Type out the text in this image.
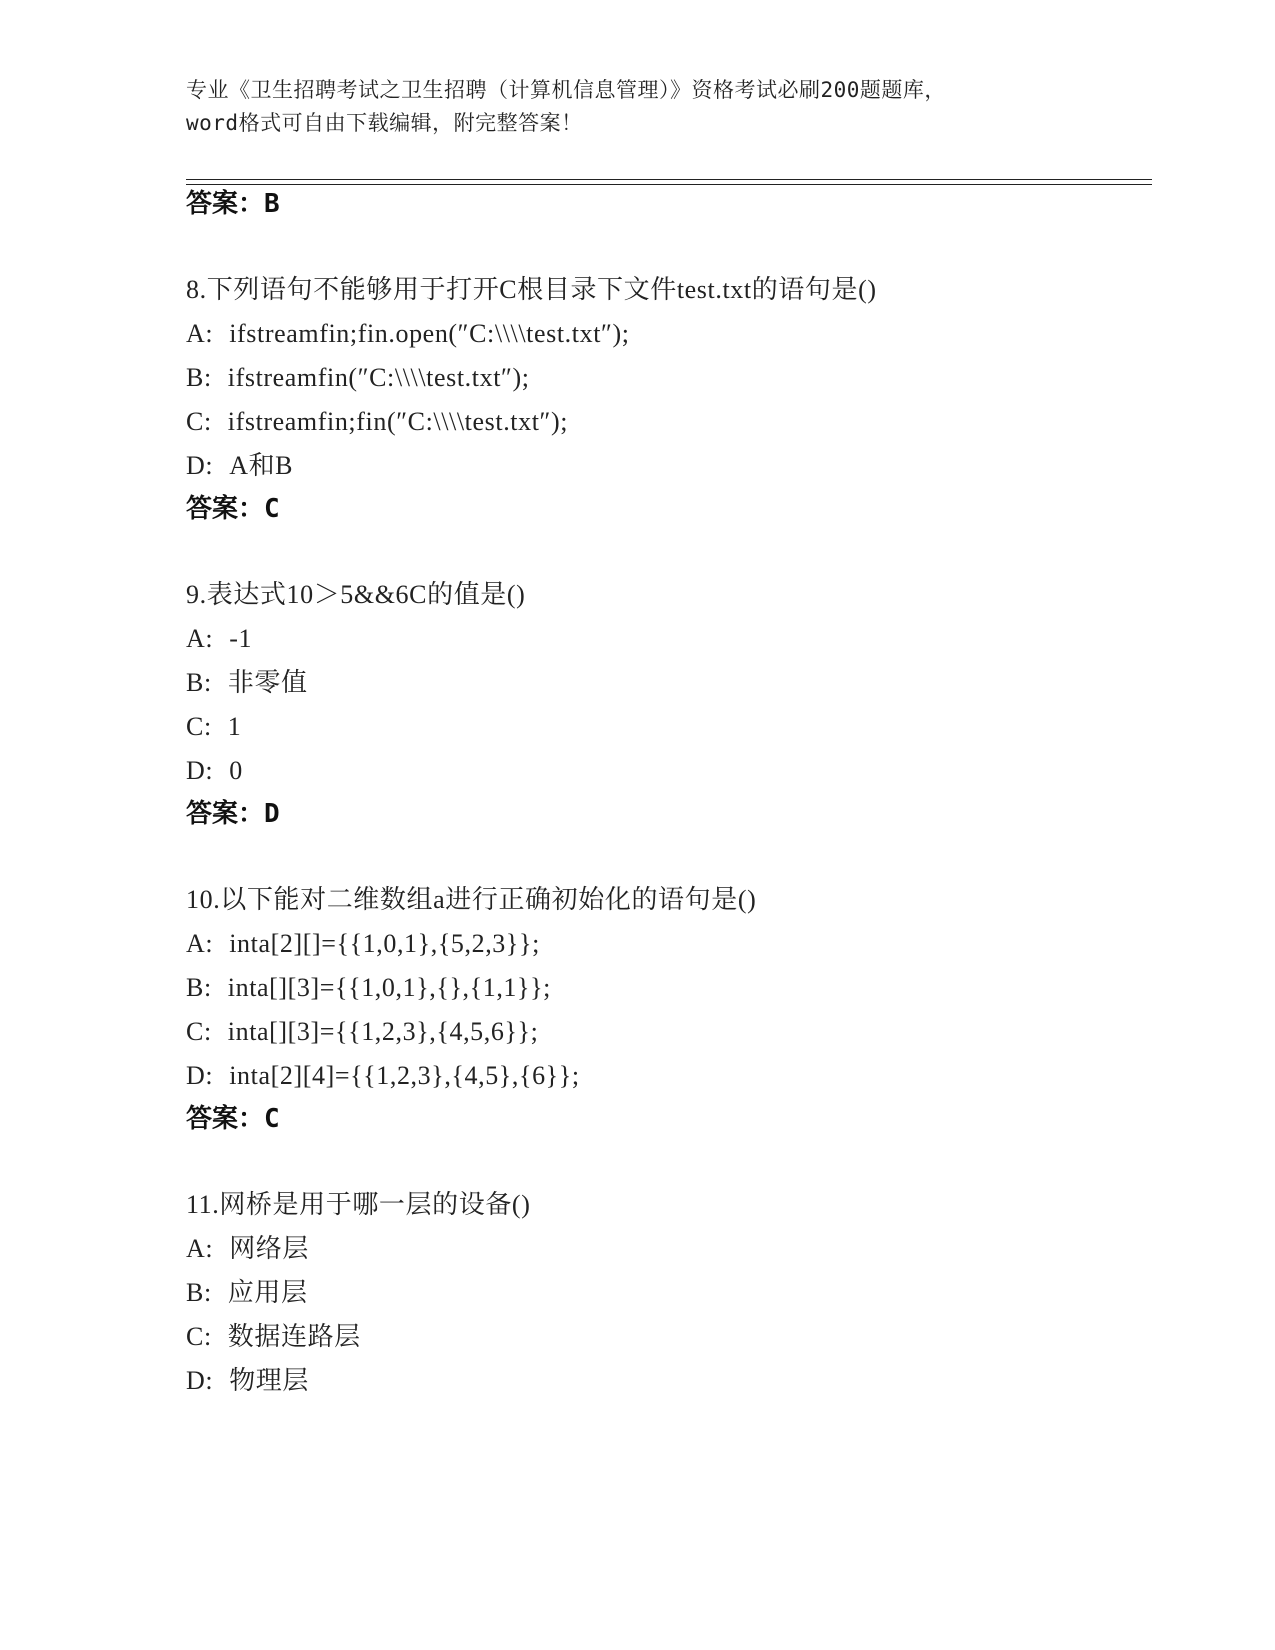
专业《卫生招聘考试之卫生招聘（计算机信息管理）》资格考试必刷200题题库，
word格式可自由下载编辑，附完整答案！
答案：B
8.下列语句不能够用于打开C根目录下文件test.txt的语句是()
A: ifstreamfin;fin.open(″C:\\\\test.txt″);
B: ifstreamfin(″C:\\\\test.txt″);
C: ifstreamfin;fin(″C:\\\\test.txt″);
D: A和B
答案：C
9.表达式10＞5&&6C的值是()
A: -1
B: 非零值
C: 1
D: 0
答案：D
10.以下能对二维数组a进行正确初始化的语句是()
A: inta[2][]={{1,0,1},{5,2,3}};
B: inta[][3]={{1,0,1},{},{1,1}};
C: inta[][3]={{1,2,3},{4,5,6}};
D: inta[2][4]={{1,2,3},{4,5},{6}};
答案：C
11.网桥是用于哪一层的设备()
A: 网络层
B: 应用层
C: 数据连路层
D: 物理层
